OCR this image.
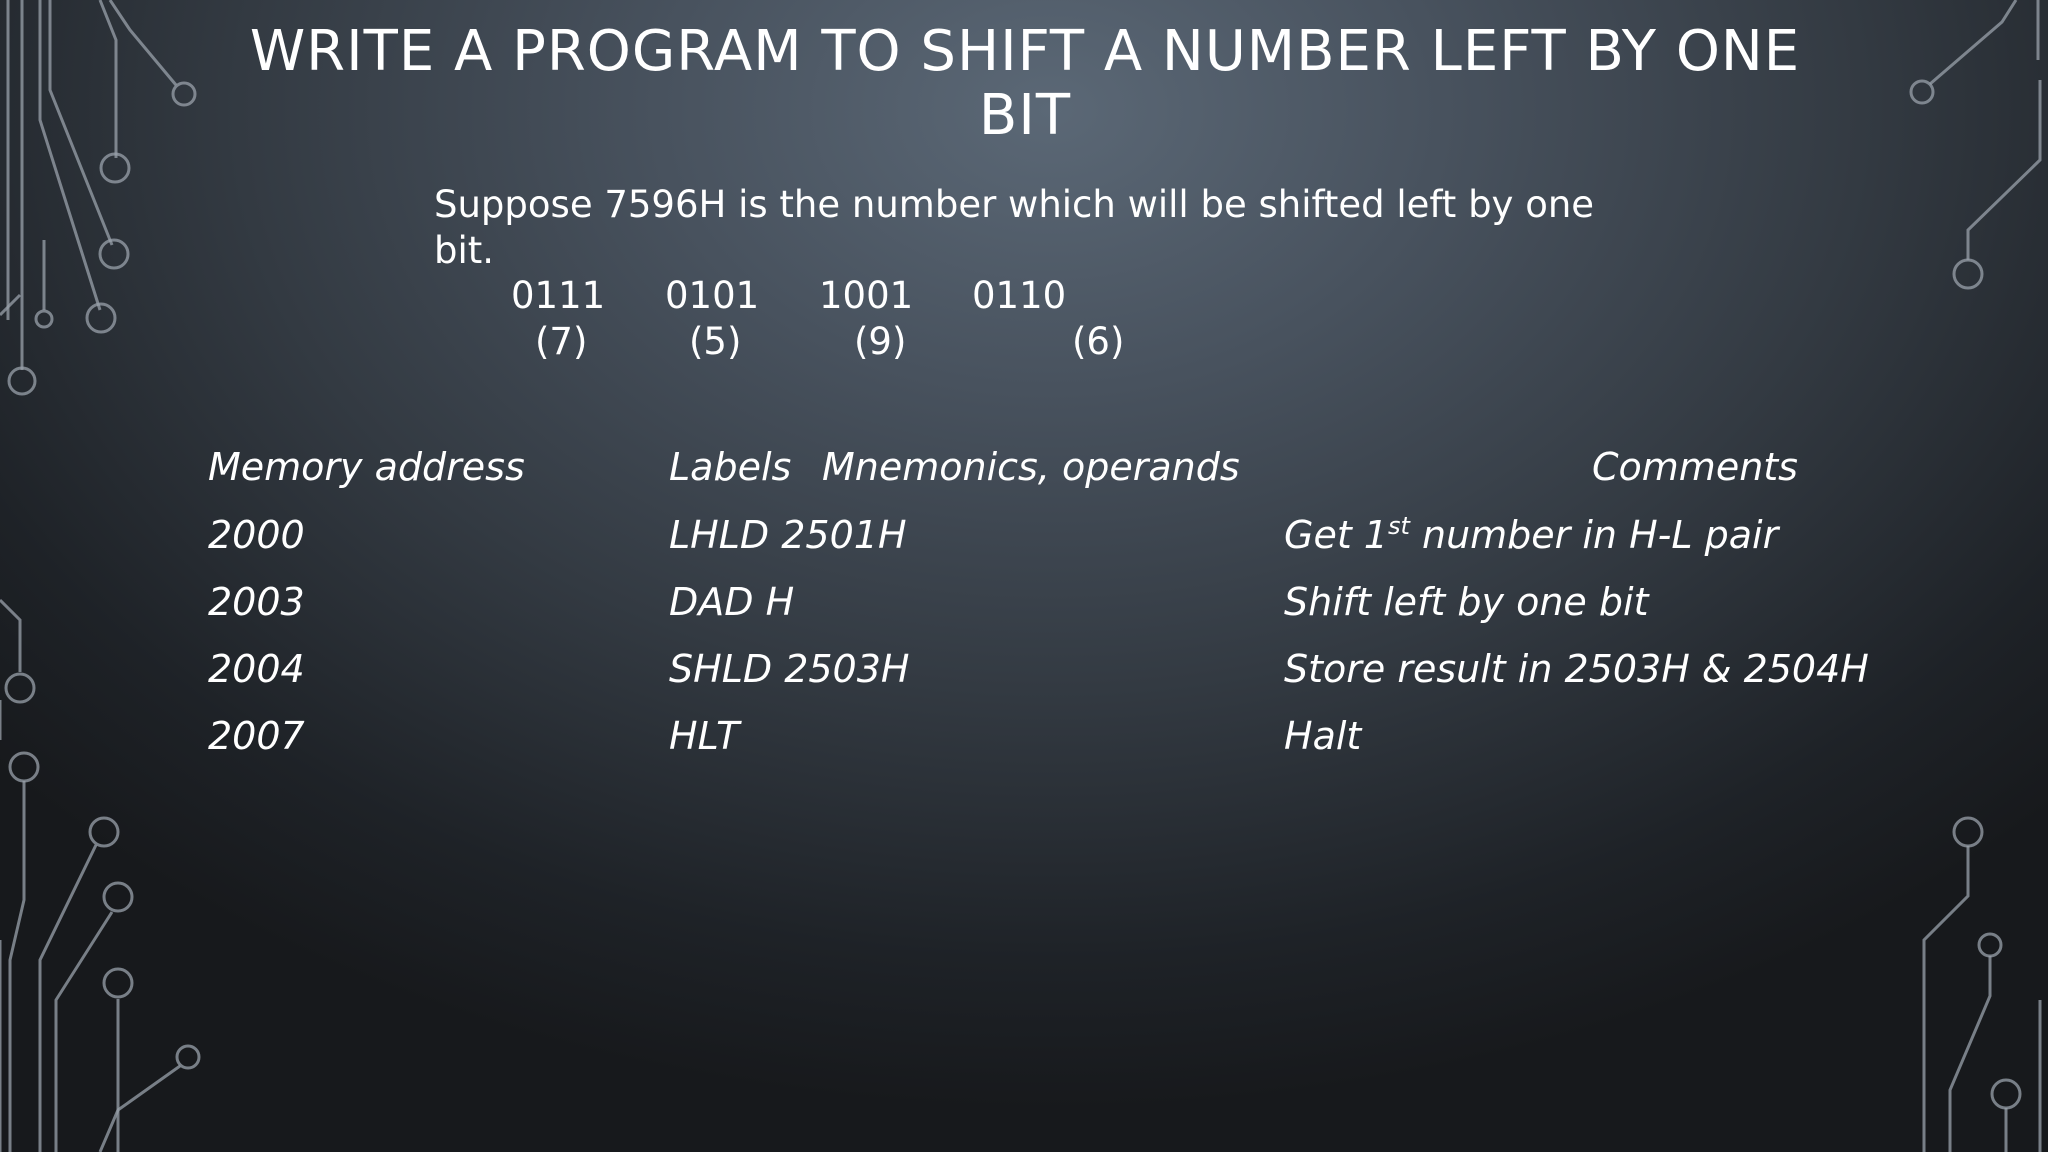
WRITE A PROGRAM TO SHIFT A NUMBER LEFT BY ONE BIT
Suppose 7596H is the number which will be shifted left by one bit.
0111 0101 1001 0110
(7)	(5)	(9)	(6)
Memory address	Labels Mnemonics, operands	Comments
2000	LHLD 2501H	Get 1st number in H-L pair
2003	DAD H	Shift left by one bit
2004	SHLD 2503H	Store result in 2503H & 2504H
2007	HLT	Halt
